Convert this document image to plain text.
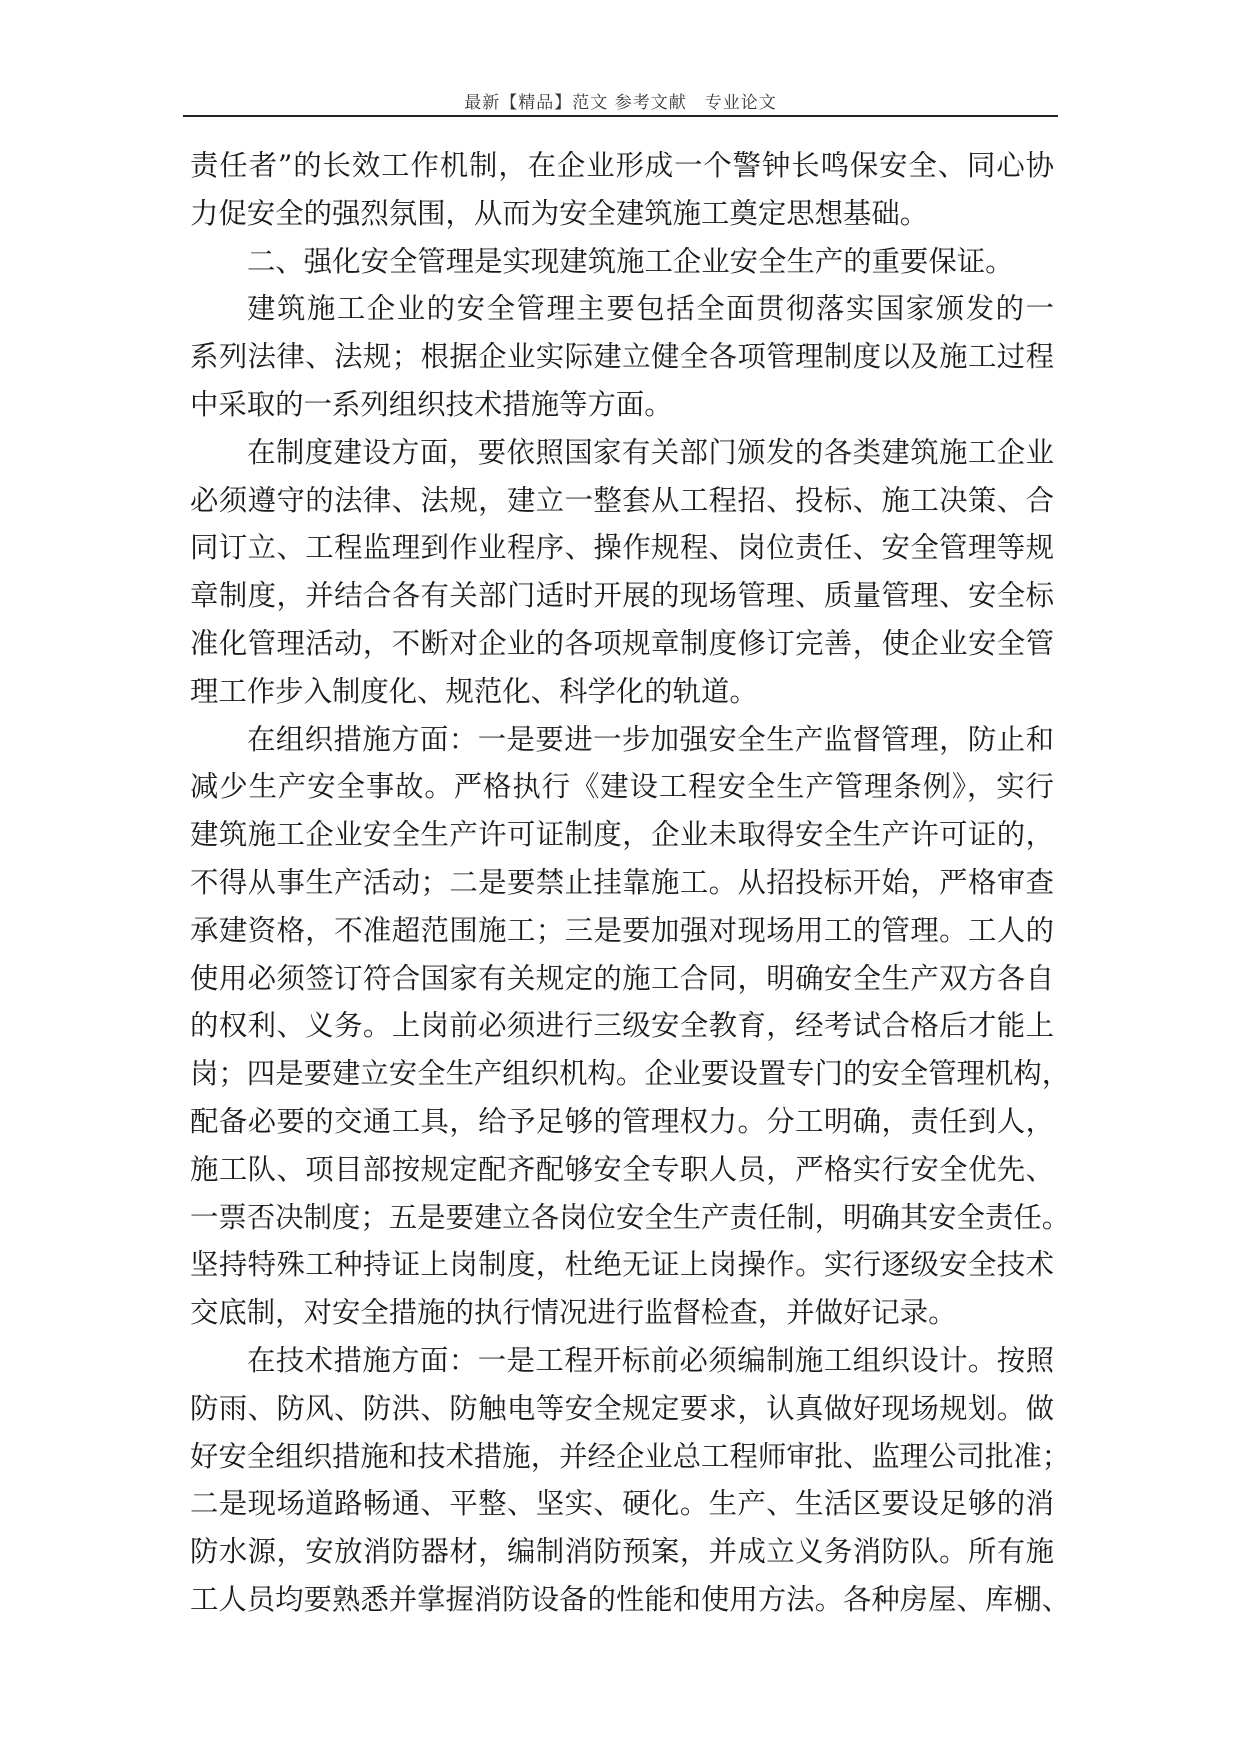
最新【精品】范文 参考文献　专业论文
责任者”的长效工作机制，在企业形成一个警钟长鸣保安全、同心协
力促安全的强烈氛围，从而为安全建筑施工奠定思想基础。
二、强化安全管理是实现建筑施工企业安全生产的重要保证。
建筑施工企业的安全管理主要包括全面贯彻落实国家颁发的一
系列法律、法规；根据企业实际建立健全各项管理制度以及施工过程
中采取的一系列组织技术措施等方面。
在制度建设方面，要依照国家有关部门颁发的各类建筑施工企业
必须遵守的法律、法规，建立一整套从工程招、投标、施工决策、合
同订立、工程监理到作业程序、操作规程、岗位责任、安全管理等规
章制度，并结合各有关部门适时开展的现场管理、质量管理、安全标
准化管理活动，不断对企业的各项规章制度修订完善，使企业安全管
理工作步入制度化、规范化、科学化的轨道。
在组织措施方面：一是要进一步加强安全生产监督管理，防止和
减少生产安全事故。严格执行《建设工程安全生产管理条例》，实行
建筑施工企业安全生产许可证制度，企业未取得安全生产许可证的，
不得从事生产活动；二是要禁止挂靠施工。从招投标开始，严格审查
承建资格，不准超范围施工；三是要加强对现场用工的管理。工人的
使用必须签订符合国家有关规定的施工合同，明确安全生产双方各自
的权利、义务。上岗前必须进行三级安全教育，经考试合格后才能上
岗；四是要建立安全生产组织机构。企业要设置专门的安全管理机构，
配备必要的交通工具，给予足够的管理权力。分工明确，责任到人，
施工队、项目部按规定配齐配够安全专职人员，严格实行安全优先、
一票否决制度；五是要建立各岗位安全生产责任制，明确其安全责任。
坚持特殊工种持证上岗制度，杜绝无证上岗操作。实行逐级安全技术
交底制，对安全措施的执行情况进行监督检查，并做好记录。
在技术措施方面：一是工程开标前必须编制施工组织设计。按照
防雨、防风、防洪、防触电等安全规定要求，认真做好现场规划。做
好安全组织措施和技术措施，并经企业总工程师审批、监理公司批准；
二是现场道路畅通、平整、坚实、硬化。生产、生活区要设足够的消
防水源，安放消防器材，编制消防预案，并成立义务消防队。所有施
工人员均要熟悉并掌握消防设备的性能和使用方法。各种房屋、库棚、
